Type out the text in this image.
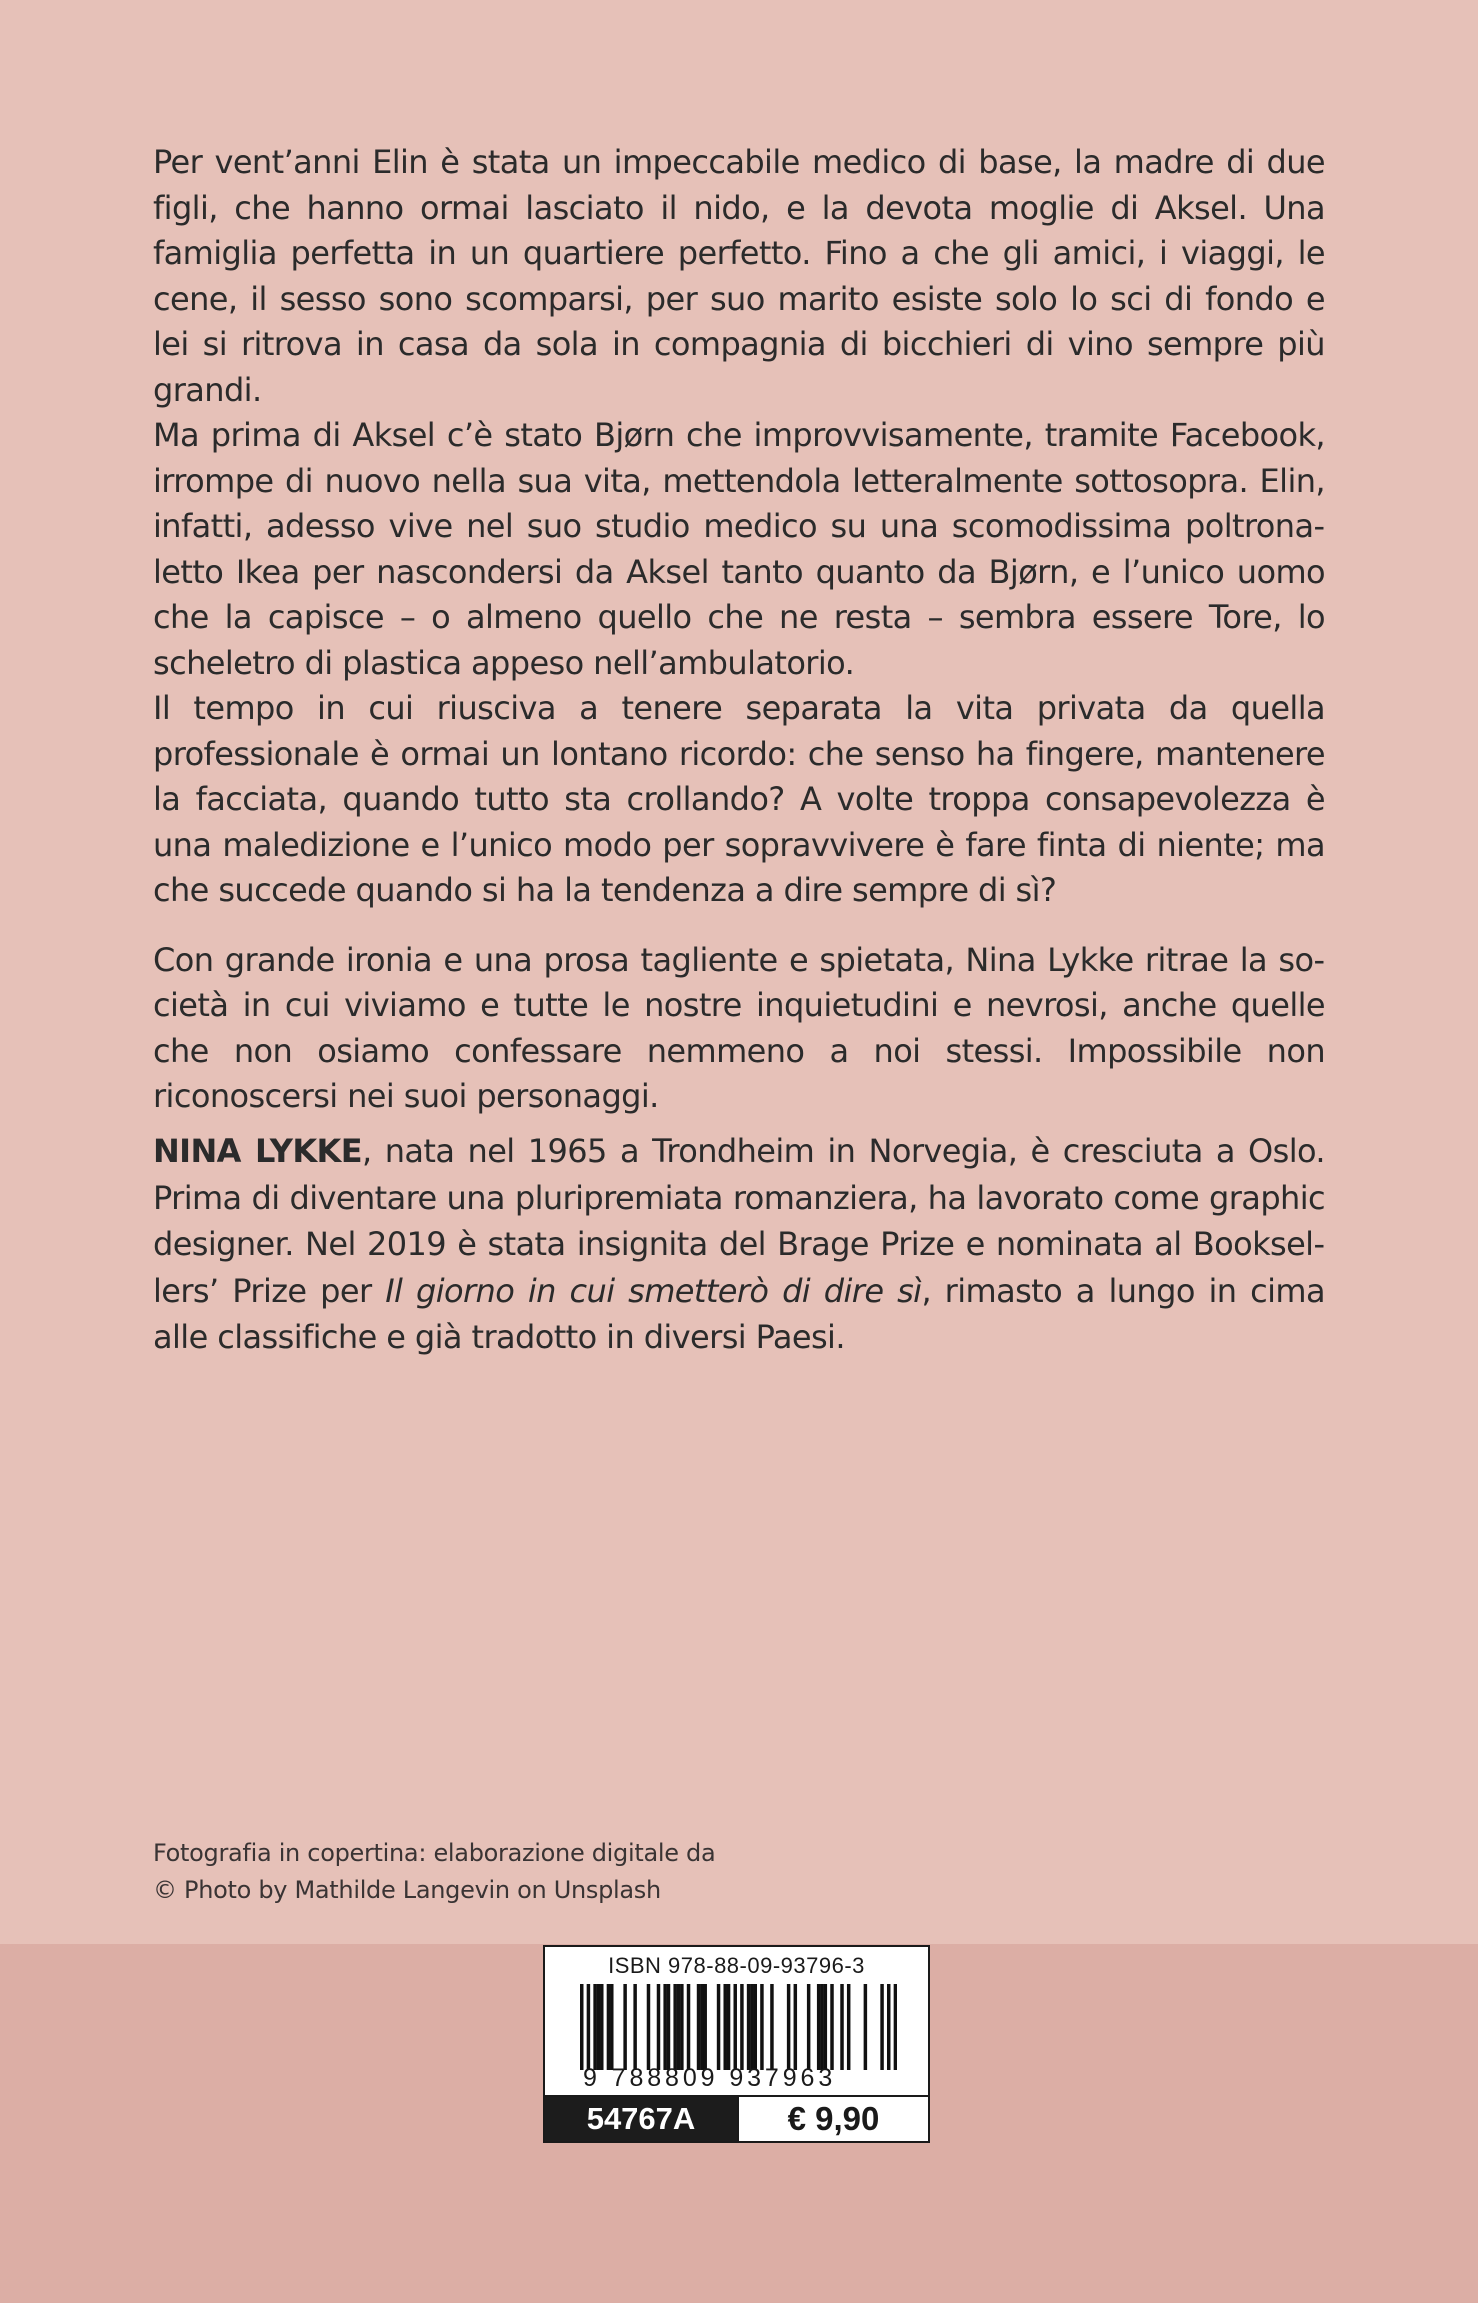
Per vent’anni Elin è stata un impeccabile medico di base, la madre di due figli, che hanno ormai lasciato il nido, e la devota moglie di Aksel. Una famiglia perfetta in un quartiere perfetto. Fino a che gli amici, i viaggi, le cene, il sesso sono scomparsi, per suo marito esiste solo lo sci di fondo e lei si ritrova in casa da sola in compagnia di bicchieri di vino sempre più grandi.

Ma prima di Aksel c’è stato Bjørn che improvvisamente, tramite Facebook, irrompe di nuovo nella sua vita, mettendola letteralmente sottosopra. Elin, infatti, adesso vive nel suo studio medico su una scomodissima poltronaletto Ikea per nascondersi da Aksel tanto quanto da Bjørn, e l’unico uomo che la capisce – o almeno quello che ne resta – sembra essere Tore, lo scheletro di plastica appeso nell’ambulatorio.

Il tempo in cui riusciva a tenere separata la vita privata da quella professionale è ormai un lontano ricordo: che senso ha fingere, mantenere la facciata, quando tutto sta crollando? A volte troppa consapevolezza è una maledizione e l’unico modo per sopravvivere è fare finta di niente; ma che succede quando si ha la tendenza a dire sempre di sì?

Con grande ironia e una prosa tagliente e spietata, Nina Lykke ritrae la società in cui viviamo e tutte le nostre inquietudini e nevrosi, anche quelle che non osiamo confessare nemmeno a noi stessi. Impossibile non riconoscersi nei suoi personaggi.

NINA LYKKE, nata nel 1965 a Trondheim in Norvegia, è cresciuta a Oslo. Prima di diventare una pluripremiata romanziera, ha lavorato come graphic designer. Nel 2019 è stata insignita del Brage Prize e nominata al Booksellers’ Prize per Il giorno in cui smetterò di dire sì, rimasto a lungo in cima alle classifiche e già tradotto in diversi Paesi.

Fotografia in copertina: elaborazione digitale da
© Photo by Mathilde Langevin on Unsplash
ISBN 978-88-09-93796-3
9 788809 937963
54767A	€ 9,90
